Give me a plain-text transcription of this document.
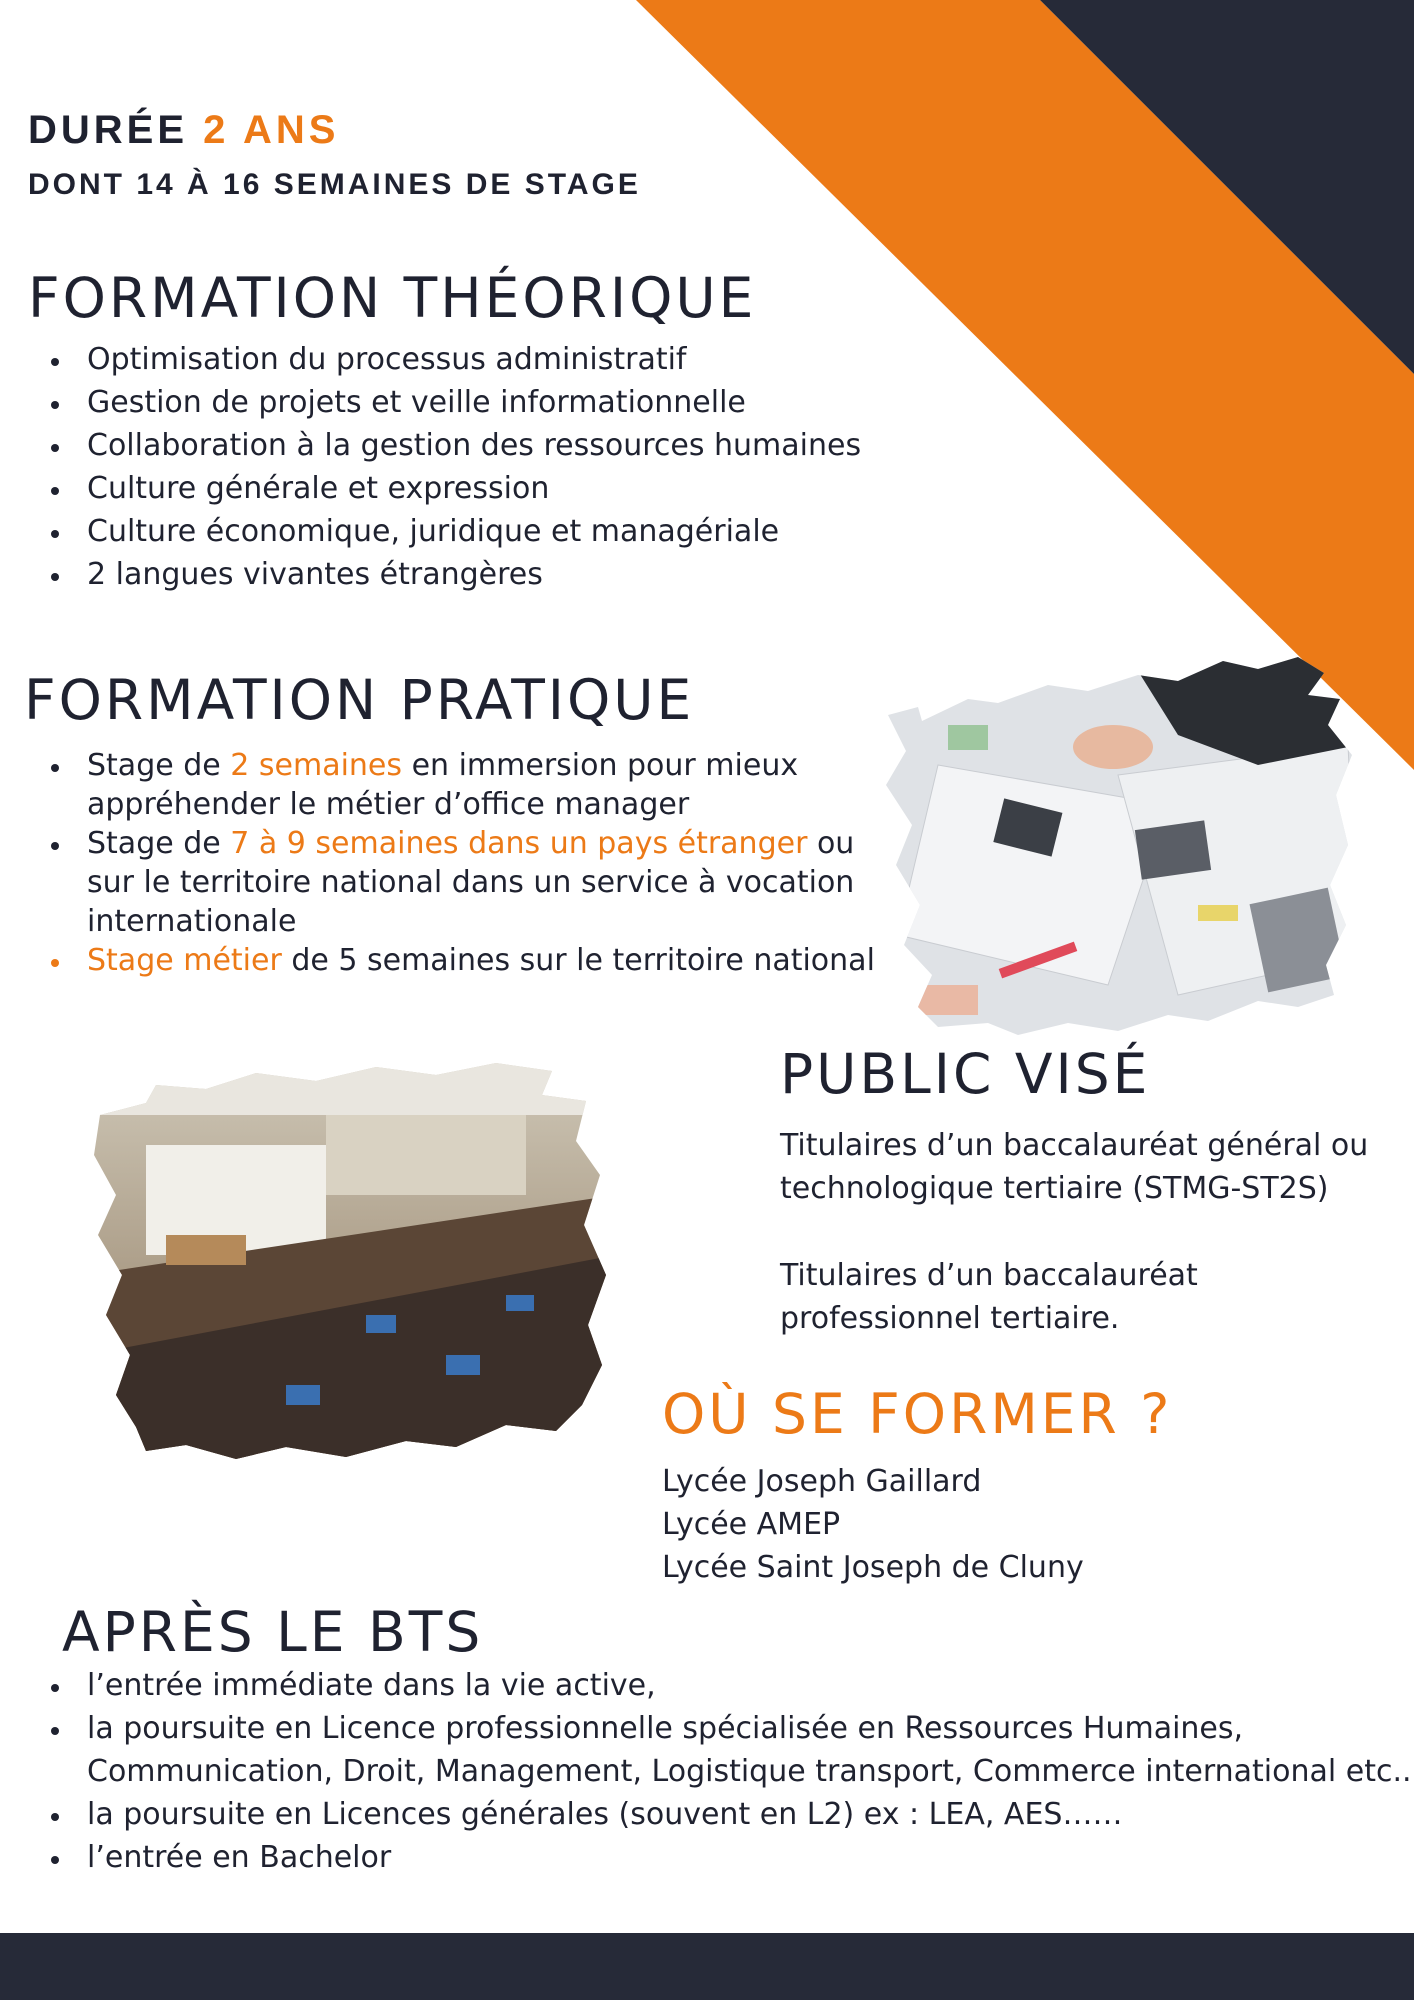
DURÉE 2 ANS
DONT 14 À 16 SEMAINES DE STAGE
FORMATION THÉORIQUE
• Optimisation du processus administratif
• Gestion de projets et veille informationnelle
• Collaboration à la gestion des ressources humaines
• Culture générale et expression
• Culture économique, juridique et managériale
• 2 langues vivantes étrangères
FORMATION PRATIQUE
• Stage de 2 semaines en immersion pour mieux appréhender le métier d’office manager
• Stage de 7 à 9 semaines dans un pays étranger ou sur le territoire national dans un service à vocation internationale
• Stage métier de 5 semaines sur le territoire national
PUBLIC VISÉ

Titulaires d’un baccalauréat général ou technologique tertiaire (STMG-ST2S)

Titulaires d’un baccalauréat professionnel tertiaire.

OÙ SE FORMER ?
Lycée Joseph Gaillard
Lycée AMEP
Lycée Saint Joseph de Cluny
APRÈS LE BTS
• l’entrée immédiate dans la vie active,
• la poursuite en Licence professionnelle spécialisée en Ressources Humaines, Communication, Droit, Management, Logistique transport, Commerce international etc..
• la poursuite en Licences générales (souvent en L2) ex : LEA, AES……
• l’entrée en Bachelor
